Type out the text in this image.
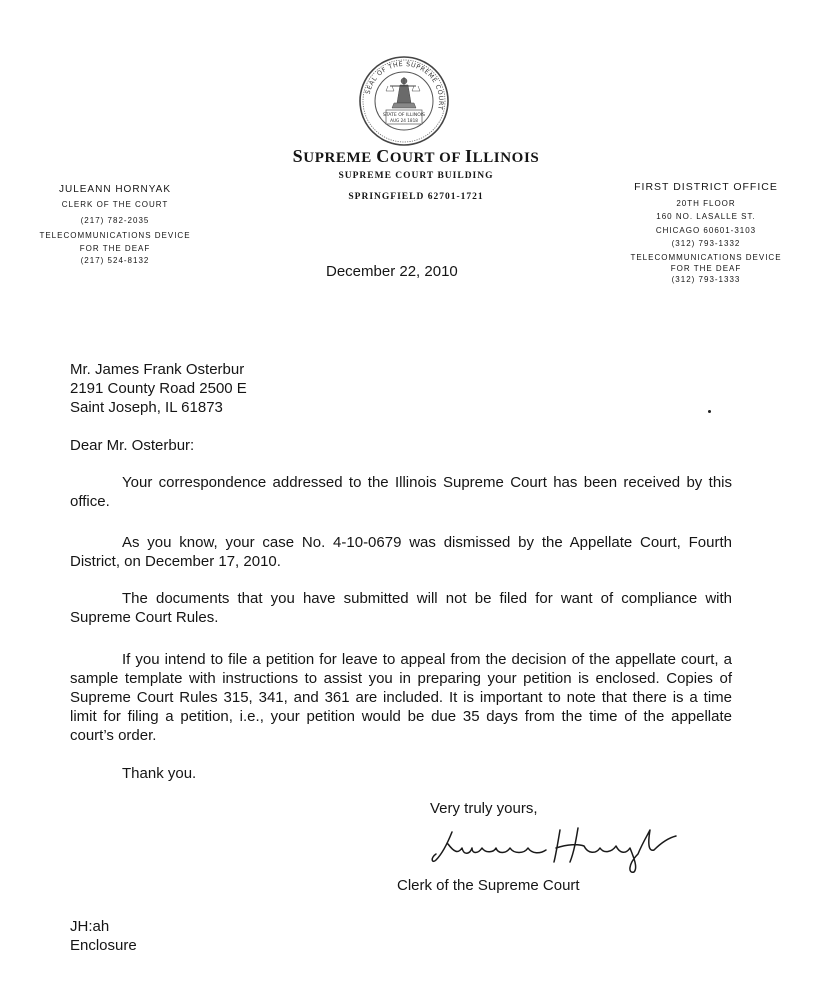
SEAL OF THE SUPREME COURT
STATE OF ILLINOIS
AUG 24 1818
SUPREME COURT OF ILLINOIS
SUPREME COURT BUILDING
SPRINGFIELD 62701-1721
JULEANN HORNYAK
CLERK OF THE COURT
(217) 782-2035
TELECOMMUNICATIONS DEVICE
FOR THE DEAF
(217) 524-8132
FIRST DISTRICT OFFICE
20TH FLOOR
160 NO. LASALLE ST.
CHICAGO 60601-3103
(312) 793-1332
TELECOMMUNICATIONS DEVICE
FOR THE DEAF
(312) 793-1333
December 22, 2010
Mr. James Frank Osterbur
2191 County Road 2500 E
Saint Joseph, IL 61873
Dear Mr. Osterbur:
Your correspondence addressed to the Illinois Supreme Court has been received by this office.
As you know, your case No. 4-10-0679 was dismissed by the Appellate Court, Fourth District, on December 17, 2010.
The documents that you have submitted will not be filed for want of compliance with Supreme Court Rules.
If you intend to file a petition for leave to appeal from the decision of the appellate court, a sample template with instructions to assist you in preparing your petition is enclosed. Copies of Supreme Court Rules 315, 341, and 361 are included. It is important to note that there is a time limit for filing a petition, i.e., your petition would be due 35 days from the time of the appellate court’s order.
Thank you.
Very truly yours,
Clerk of the Supreme Court
JH:ah
Enclosure
